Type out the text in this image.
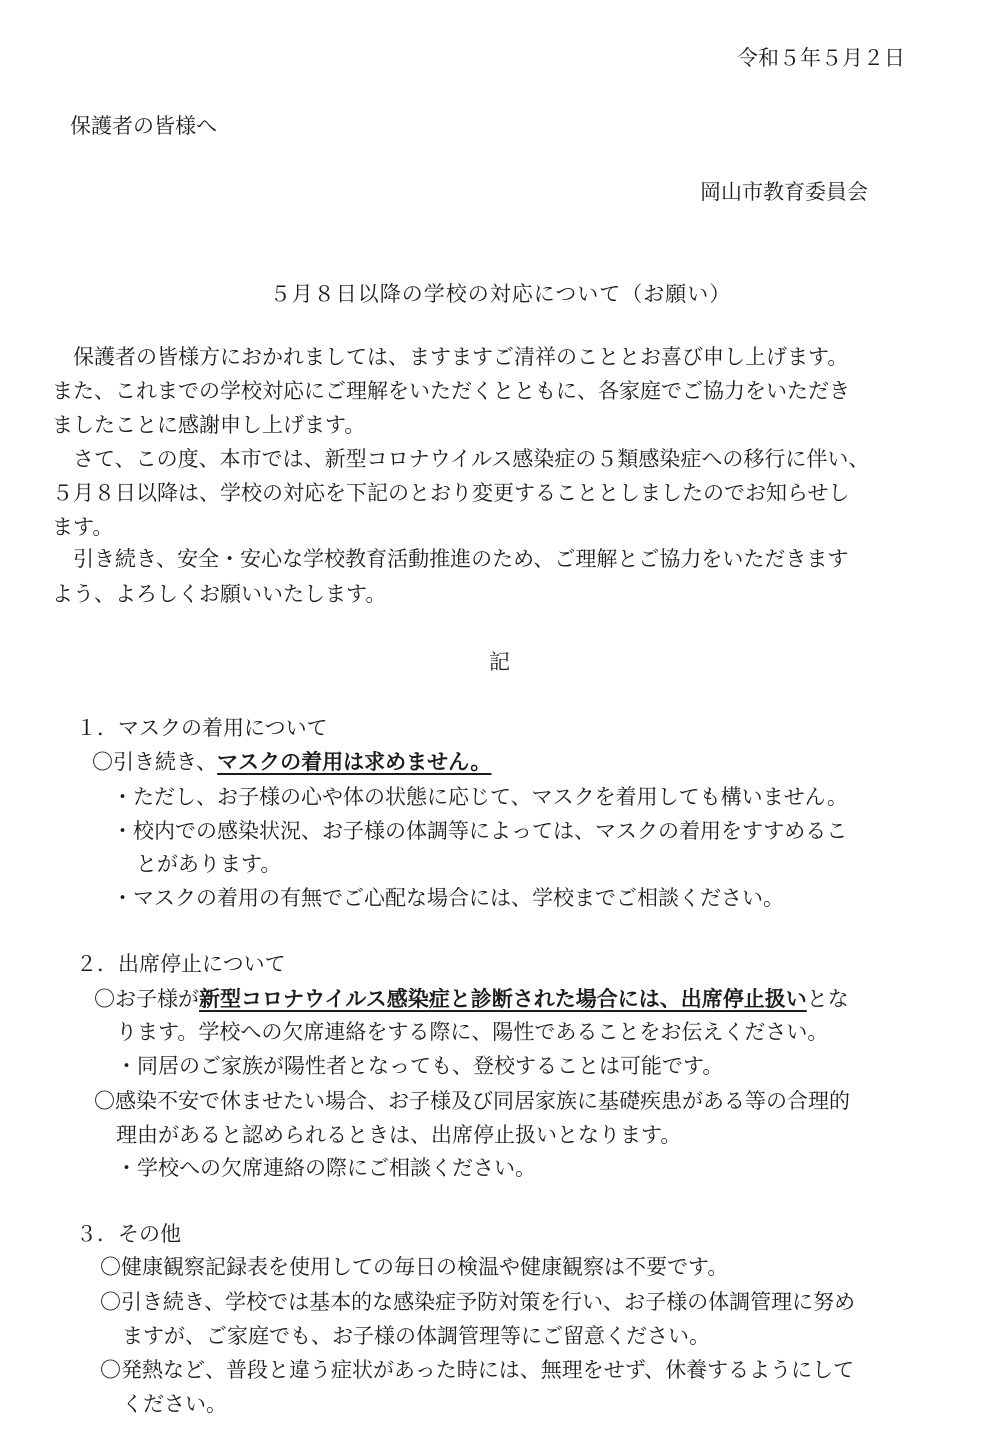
令和５年５月２日
保護者の皆様へ
岡山市教育委員会
５月８日以降の学校の対応について（お願い）
　保護者の皆様方におかれましては、ますますご清祥のこととお喜び申し上げます。
また、これまでの学校対応にご理解をいただくとともに、各家庭でご協力をいただき
ましたことに感謝申し上げます。
　さて、この度、本市では、新型コロナウイルス感染症の５類感染症への移行に伴い、
５月８日以降は、学校の対応を下記のとおり変更することとしましたのでお知らせし
ます。
　引き続き、安全・安心な学校教育活動推進のため、ご理解とご協力をいただきます
よう、よろしくお願いいたします。
記
１．マスクの着用について
〇引き続き、マスクの着用は求めません。
・ただし、お子様の心や体の状態に応じて、マスクを着用しても構いません。
・校内での感染状況、お子様の体調等によっては、マスクの着用をすすめるこ
とがあります。
・マスクの着用の有無でご心配な場合には、学校までご相談ください。
２．出席停止について
〇お子様が新型コロナウイルス感染症と診断された場合には、出席停止扱いとな
ります。学校への欠席連絡をする際に、陽性であることをお伝えください。
・同居のご家族が陽性者となっても、登校することは可能です。
〇感染不安で休ませたい場合、お子様及び同居家族に基礎疾患がある等の合理的
理由があると認められるときは、出席停止扱いとなります。
・学校への欠席連絡の際にご相談ください。
３．その他
〇健康観察記録表を使用しての毎日の検温や健康観察は不要です。
〇引き続き、学校では基本的な感染症予防対策を行い、お子様の体調管理に努め
ますが、ご家庭でも、お子様の体調管理等にご留意ください。
〇発熱など、普段と違う症状があった時には、無理をせず、休養するようにして
ください。
